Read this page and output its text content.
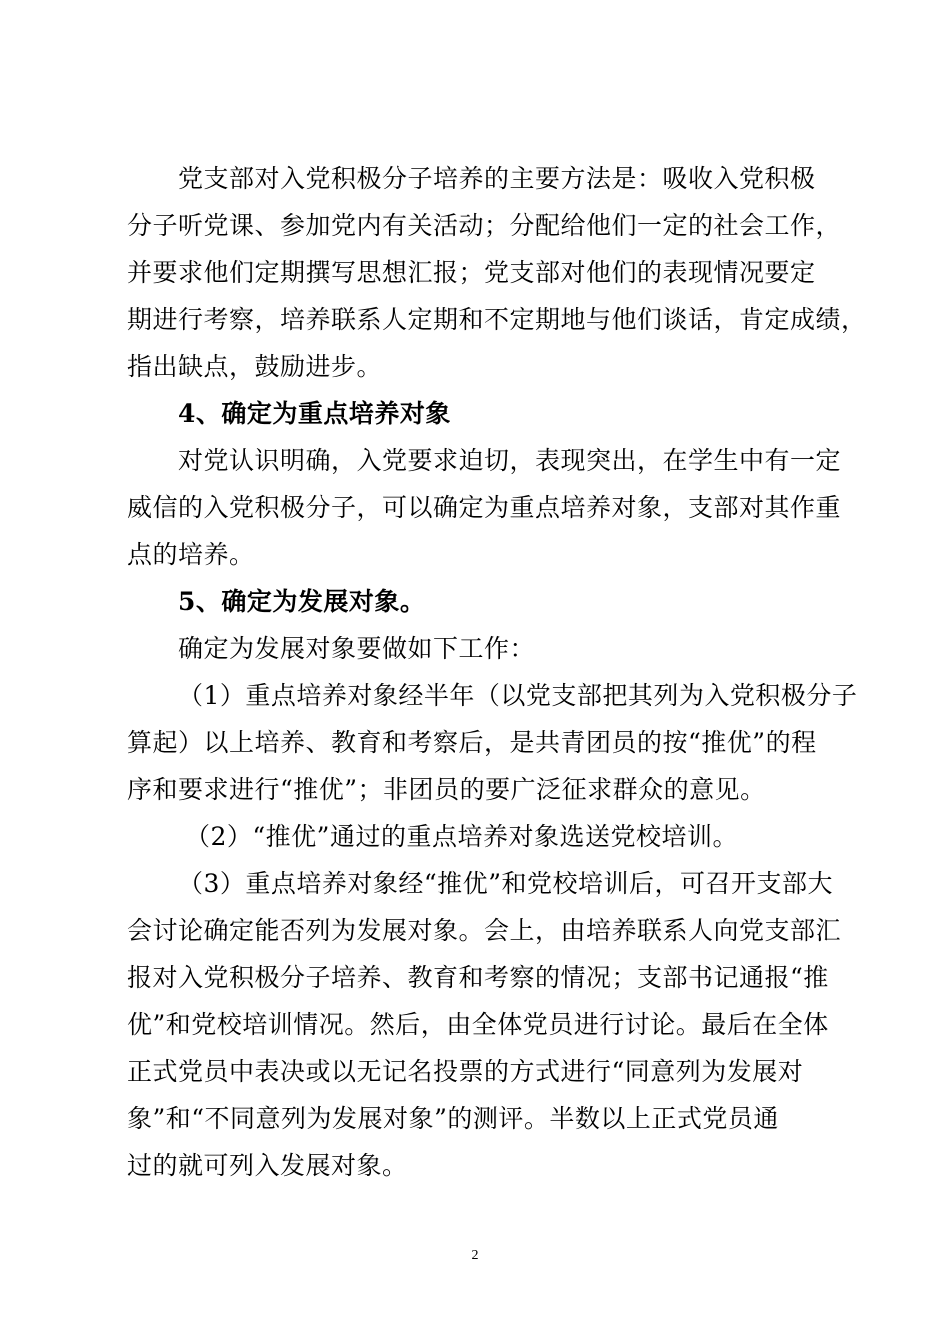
党支部对入党积极分子培养的主要方法是：吸收入党积极
分子听党课、参加党内有关活动；分配给他们一定的社会工作，
并要求他们定期撰写思想汇报；党支部对他们的表现情况要定
期进行考察，培养联系人定期和不定期地与他们谈话，肯定成绩，
指出缺点，鼓励进步。
4、确定为重点培养对象
对党认识明确，入党要求迫切，表现突出，在学生中有一定
威信的入党积极分子，可以确定为重点培养对象，支部对其作重
点的培养。
5、确定为发展对象。
确定为发展对象要做如下工作：
（1）重点培养对象经半年（以党支部把其列为入党积极分子
算起）以上培养、教育和考察后，是共青团员的按“推优”的程
序和要求进行“推优”；非团员的要广泛征求群众的意见。
（2）“推优”通过的重点培养对象选送党校培训。
（3）重点培养对象经“推优”和党校培训后，可召开支部大
会讨论确定能否列为发展对象。会上，由培养联系人向党支部汇
报对入党积极分子培养、教育和考察的情况；支部书记通报“推
优”和党校培训情况。然后，由全体党员进行讨论。最后在全体
正式党员中表决或以无记名投票的方式进行“同意列为发展对
象”和“不同意列为发展对象”的测评。半数以上正式党员通
过的就可列入发展对象。
2
